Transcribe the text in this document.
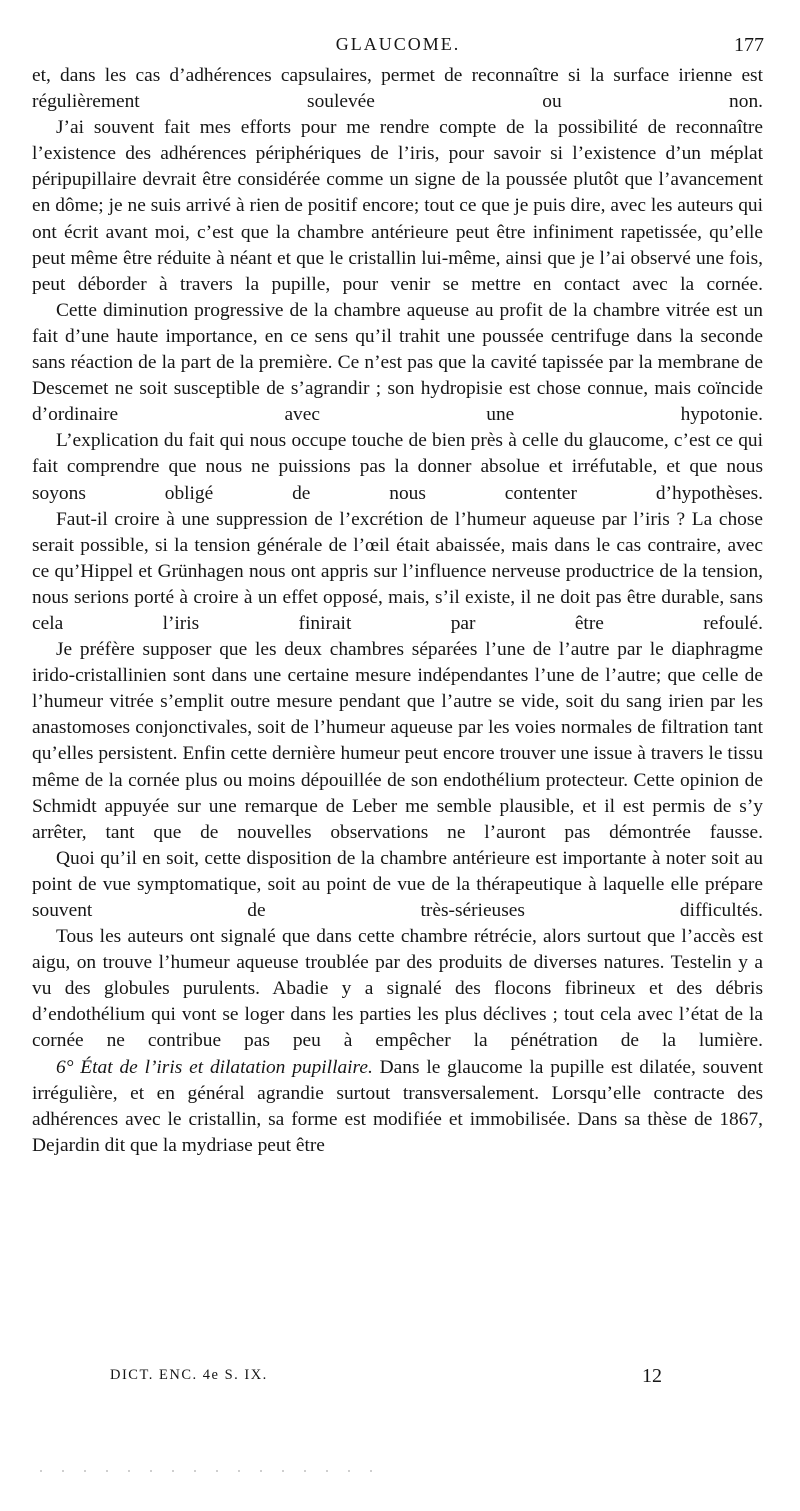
GLAUCOME.	177

et, dans les cas d’adhérences capsulaires, permet de reconnaître si la surface irienne est régulièrement soulevée ou non.

J’ai souvent fait mes efforts pour me rendre compte de la possibilité de reconnaître l’existence des adhérences périphériques de l’iris, pour savoir si l’existence d’un méplat péripupillaire devrait être considérée comme un signe de la poussée plutôt que l’avancement en dôme; je ne suis arrivé à rien de positif encore; tout ce que je puis dire, avec les auteurs qui ont écrit avant moi, c’est que la chambre antérieure peut être infiniment rapetissée, qu’elle peut même être réduite à néant et que le cristallin lui-même, ainsi que je l’ai observé une fois, peut déborder à travers la pupille, pour venir se mettre en contact avec la cornée.

Cette diminution progressive de la chambre aqueuse au profit de la chambre vitrée est un fait d’une haute importance, en ce sens qu’il trahit une poussée centrifuge dans la seconde sans réaction de la part de la première. Ce n’est pas que la cavité tapissée par la membrane de Descemet ne soit susceptible de s’agrandir ; son hydropisie est chose connue, mais coïncide d’ordinaire avec une hypotonie.

L’explication du fait qui nous occupe touche de bien près à celle du glaucome, c’est ce qui fait comprendre que nous ne puissions pas la donner absolue et irréfutable, et que nous soyons obligé de nous contenter d’hypothèses.

Faut-il croire à une suppression de l’excrétion de l’humeur aqueuse par l’iris ? La chose serait possible, si la tension générale de l’œil était abaissée, mais dans le cas contraire, avec ce qu’Hippel et Grünhagen nous ont appris sur l’influence nerveuse productrice de la tension, nous serions porté à croire à un effet opposé, mais, s’il existe, il ne doit pas être durable, sans cela l’iris finirait par être refoulé.

Je préfère supposer que les deux chambres séparées l’une de l’autre par le diaphragme irido-cristallinien sont dans une certaine mesure indépendantes l’une de l’autre; que celle de l’humeur vitrée s’emplit outre mesure pendant que l’autre se vide, soit du sang irien par les anastomoses conjonctivales, soit de l’humeur aqueuse par les voies normales de filtration tant qu’elles persistent. Enfin cette dernière humeur peut encore trouver une issue à travers le tissu même de la cornée plus ou moins dépouillée de son endothélium protecteur. Cette opinion de Schmidt appuyée sur une remarque de Leber me semble plausible, et il est permis de s’y arrêter, tant que de nouvelles observations ne l’auront pas démontrée fausse.

Quoi qu’il en soit, cette disposition de la chambre antérieure est importante à noter soit au point de vue symptomatique, soit au point de vue de la thérapeutique à laquelle elle prépare souvent de très-sérieuses difficultés.

Tous les auteurs ont signalé que dans cette chambre rétrécie, alors surtout que l’accès est aigu, on trouve l’humeur aqueuse troublée par des produits de diverses natures. Testelin y a vu des globules purulents. Abadie y a signalé des flocons fibrineux et des débris d’endothélium qui vont se loger dans les parties les plus déclives ; tout cela avec l’état de la cornée ne contribue pas peu à empêcher la pénétration de la lumière.

6° État de l’iris et dilatation pupillaire. Dans le glaucome la pupille est dilatée, souvent irrégulière, et en général agrandie surtout transversalement. Lorsqu’elle contracte des adhérences avec le cristallin, sa forme est modifiée et immobilisée. Dans sa thèse de 1867, Dejardin dit que la mydriase peut être

DICT. ENC. 4e S. IX.	12
